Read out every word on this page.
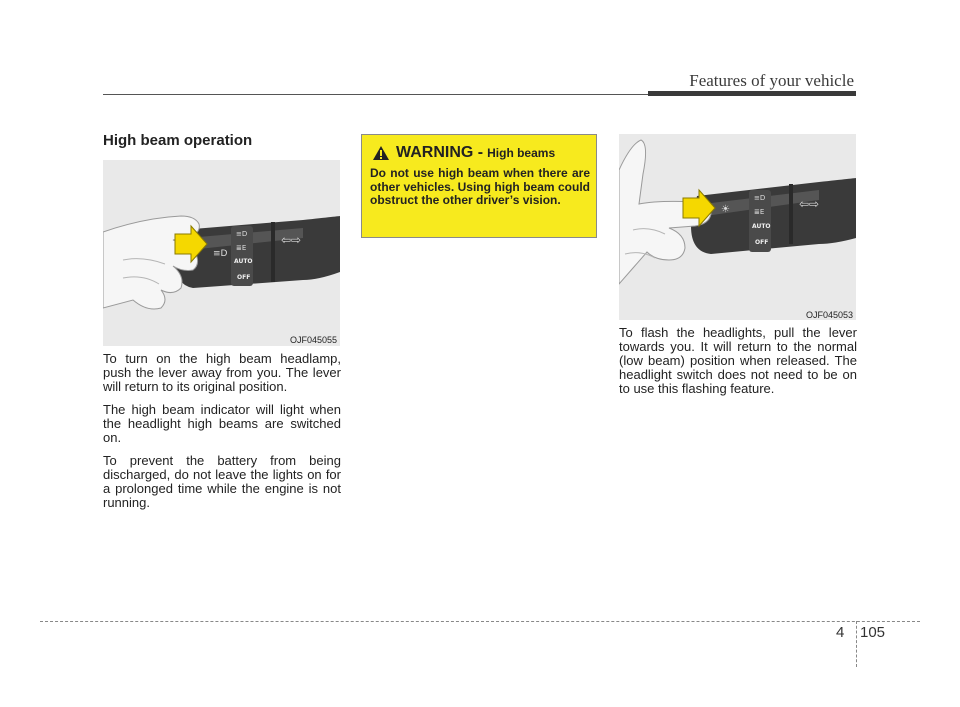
Features of your vehicle
High beam operation
≡D
≣E
AUTO
OFF
⇦⇨
≡D
OJF045055

To turn on the high beam headlamp, push the lever away from you. The lever will return to its original position.

The high beam indicator will light when the headlight high beams are switched on.

To prevent the battery from being discharged, do not leave the lights on for a prolonged time while the engine is not running.

WARNING - High beams

Do not use high beam when there are other vehicles. Using high beam could obstruct the other driver’s vision.	≡D
≣E
AUTO
OFF
⇦⇨
☀
OJF045053

To flash the headlights, pull the lever towards you. It will return to the normal (low beam) position when released. The headlight switch does not need to be on to use this flashing feature.

4 105
